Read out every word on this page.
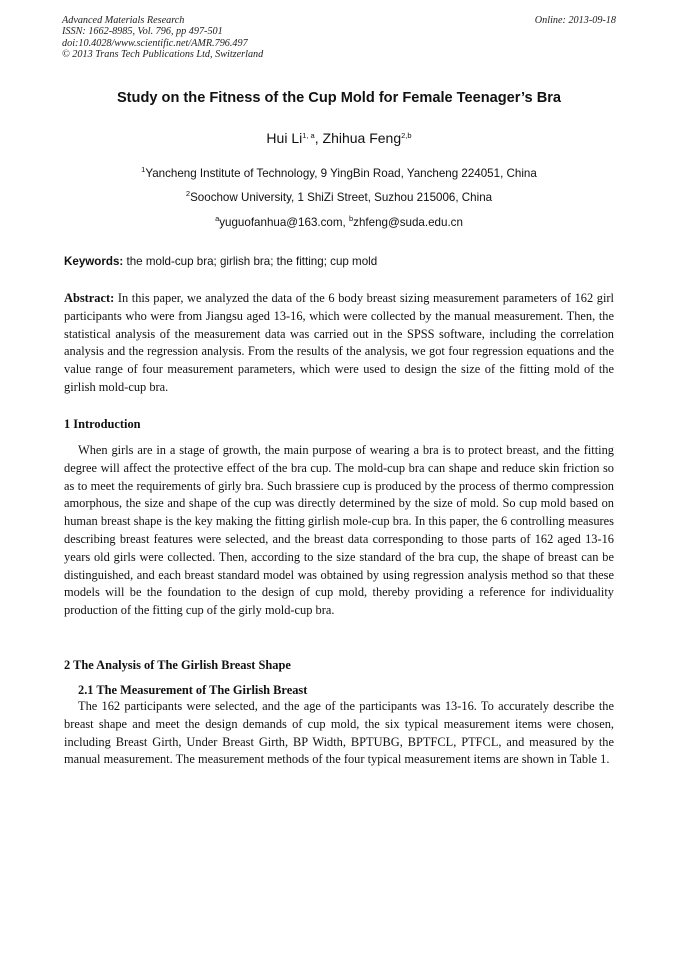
Advanced Materials Research
ISSN: 1662-8985, Vol. 796, pp 497-501
doi:10.4028/www.scientific.net/AMR.796.497
© 2013 Trans Tech Publications Ltd, Switzerland
Online: 2013-09-18
Study on the Fitness of the Cup Mold for Female Teenager’s Bra
Hui Li$^{1, a}$, Zhihua Feng$^{2,b}$
$^1$Yancheng Institute of Technology, 9 YingBin Road, Yancheng 224051, China
$^2$Soochow University, 1 ShiZi Street, Suzhou 215006, China
$^a$yuguofanhua@163.com, $^b$zhfeng@suda.edu.cn
Keywords: the mold-cup bra; girlish bra; the fitting; cup mold
Abstract: In this paper, we analyzed the data of the 6 body breast sizing measurement parameters of 162 girl participants who were from Jiangsu aged 13-16, which were collected by the manual measurement. Then, the statistical analysis of the measurement data was carried out in the SPSS software, including the correlation analysis and the regression analysis. From the results of the analysis, we got four regression equations and the value range of four measurement parameters, which were used to design the size of the fitting mold of the girlish mold-cup bra.
1 Introduction
When girls are in a stage of growth, the main purpose of wearing a bra is to protect breast, and the fitting degree will affect the protective effect of the bra cup. The mold-cup bra can shape and reduce skin friction so as to meet the requirements of girly bra. Such brassiere cup is produced by the process of thermo compression amorphous, the size and shape of the cup was directly determined by the size of mold. So cup mold based on human breast shape is the key making the fitting girlish mole-cup bra. In this paper, the 6 controlling measures describing breast features were selected, and the breast data corresponding to those parts of 162 aged 13-16 years old girls were collected. Then, according to the size standard of the bra cup, the shape of breast can be distinguished, and each breast standard model was obtained by using regression analysis method so that these models will be the foundation to the design of cup mold, thereby providing a reference for individuality production of the fitting cup of the girly mold-cup bra.
2 The Analysis of The Girlish Breast Shape
2.1 The Measurement of The Girlish Breast
The 162 participants were selected, and the age of the participants was 13-16. To accurately describe the breast shape and meet the design demands of cup mold, the six typical measurement items were chosen, including Breast Girth, Under Breast Girth, BP Width, BPTUBG, BPTFCL, PTFCL, and measured by the manual measurement. The measurement methods of the four typical measurement items are shown in Table 1.
